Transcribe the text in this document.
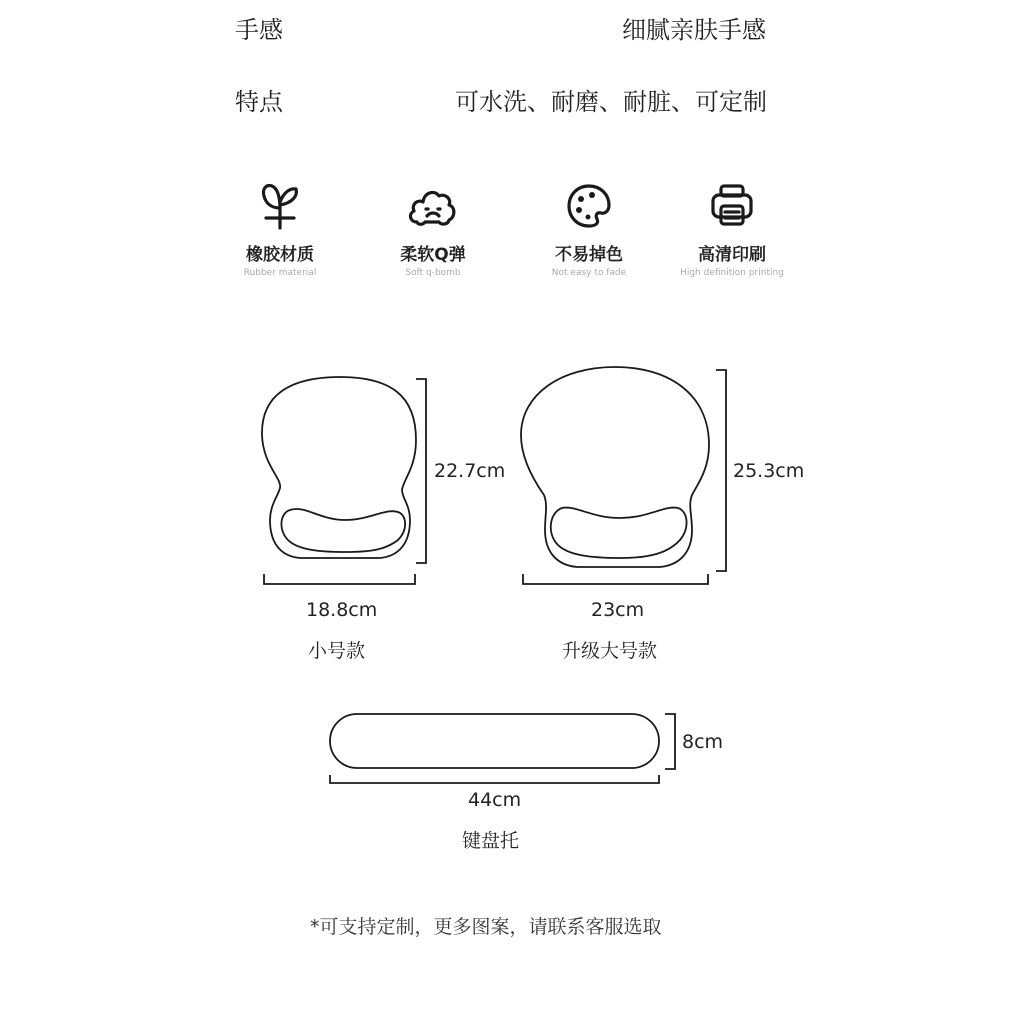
手感	细腻亲肤手感
特点	可水洗、耐磨、耐脏、可定制
橡胶材质
Rubber material
柔软Q弹
Soft q-bomb
不易掉色
Not easy to fade
高清印刷
High definition printing
22.7cm
18.8cm
小号款
25.3cm
23cm
升级大号款
8cm
44cm
键盘托
*可支持定制，更多图案，请联系客服选取
